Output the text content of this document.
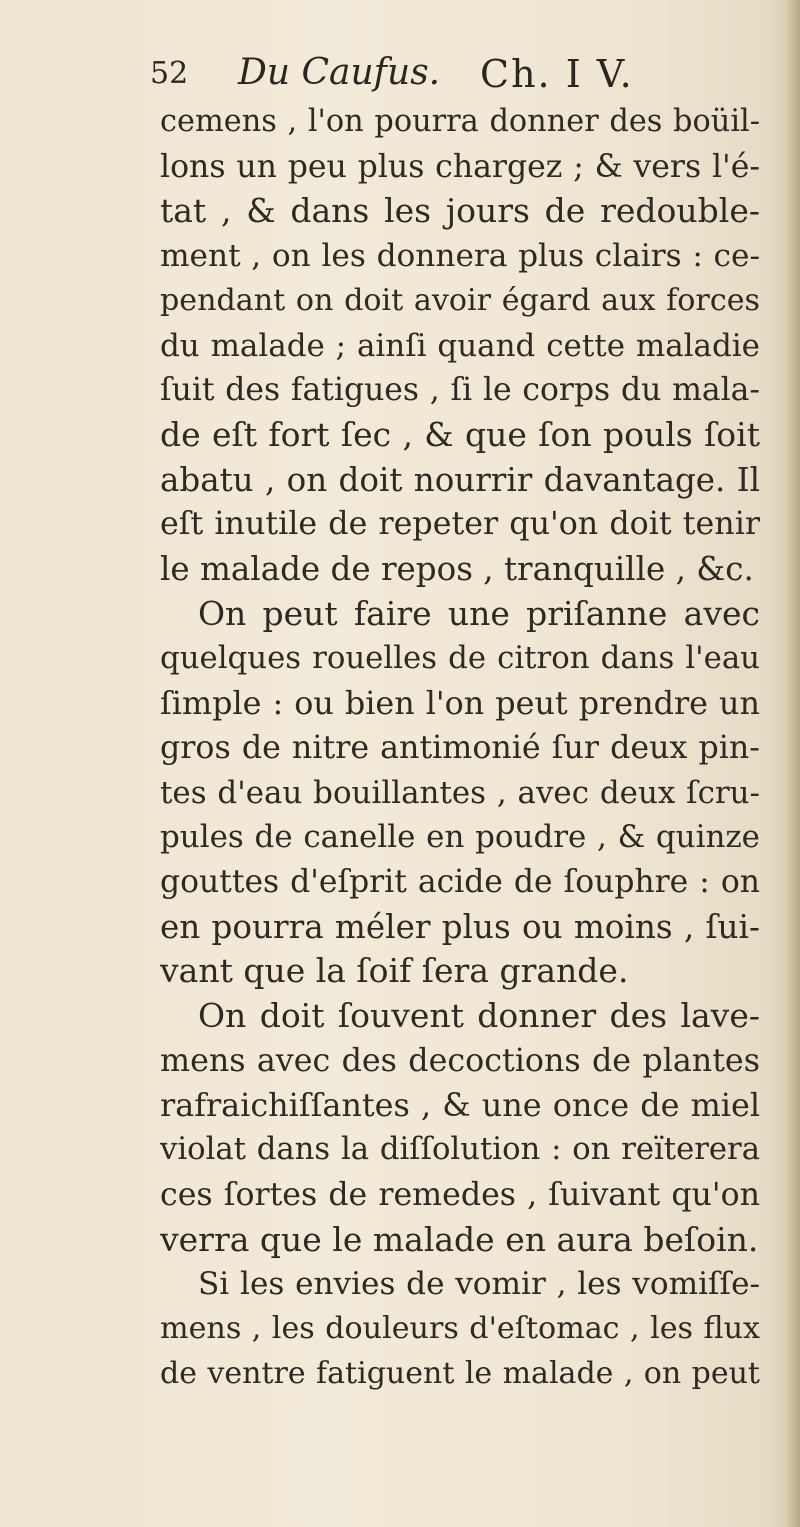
52 Du Caufus. Ch. I V.
cemens , l'on pourra donner des boüil-
lons un peu plus chargez ; & vers l'é-
tat , & dans les jours de redouble-
ment , on les donnera plus clairs : ce-
pendant on doit avoir égard aux forces
du malade ; ainſi quand cette maladie
ſuit des fatigues , ſi le corps du mala-
de eſt fort ſec , & que ſon pouls ſoit
abatu , on doit nourrir davantage. Il
eſt inutile de repeter qu'on doit tenir
le malade de repos , tranquille , &c.
On peut faire une priſanne avec
quelques rouelles de citron dans l'eau
ſimple : ou bien l'on peut prendre un
gros de nitre antimonié ſur deux pin-
tes d'eau bouillantes , avec deux ſcru-
pules de canelle en poudre , & quinze
gouttes d'eſprit acide de ſouphre : on
en pourra méler plus ou moins , ſui-
vant que la ſoif ſera grande.
On doit ſouvent donner des lave-
mens avec des decoctions de plantes
rafraichiſſantes , & une once de miel
violat dans la diſſolution : on reïterera
ces ſortes de remedes , ſuivant qu'on
verra que le malade en aura beſoin.
Si les envies de vomir , les vomiſſe-
mens , les douleurs d'eſtomac , les flux
de ventre fatiguent le malade , on peut
